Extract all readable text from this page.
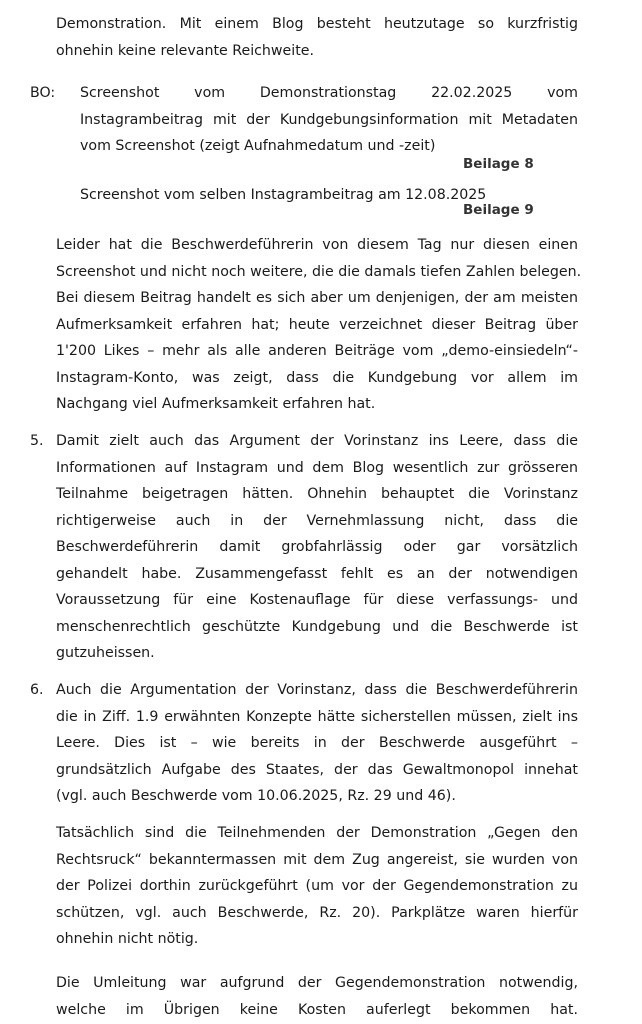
Demonstration. Mit einem Blog besteht heutzutage so kurzfristig
ohnehin keine relevante Reichweite.
BO: Screenshot vom Demonstrationstag 22.02.2025 vom
Instagrambeitrag mit der Kundgebungsinformation mit Metadaten
vom Screenshot (zeigt Aufnahmedatum und -zeit)
Beilage 8
Screenshot vom selben Instagrambeitrag am 12.08.2025
Beilage 9
Leider hat die Beschwerdeführerin von diesem Tag nur diesen einen
Screenshot und nicht noch weitere, die die damals tiefen Zahlen belegen.
Bei diesem Beitrag handelt es sich aber um denjenigen, der am meisten
Aufmerksamkeit erfahren hat; heute verzeichnet dieser Beitrag über
1'200 Likes – mehr als alle anderen Beiträge vom „demo-einsiedeln“-
Instagram-Konto, was zeigt, dass die Kundgebung vor allem im
Nachgang viel Aufmerksamkeit erfahren hat.
5. Damit zielt auch das Argument der Vorinstanz ins Leere, dass die
Informationen auf Instagram und dem Blog wesentlich zur grösseren
Teilnahme beigetragen hätten. Ohnehin behauptet die Vorinstanz
richtigerweise auch in der Vernehmlassung nicht, dass die
Beschwerdeführerin damit grobfahrlässig oder gar vorsätzlich
gehandelt habe. Zusammengefasst fehlt es an der notwendigen
Voraussetzung für eine Kostenauflage für diese verfassungs- und
menschenrechtlich geschützte Kundgebung und die Beschwerde ist
gutzuheissen.
6. Auch die Argumentation der Vorinstanz, dass die Beschwerdeführerin
die in Ziff. 1.9 erwähnten Konzepte hätte sicherstellen müssen, zielt ins
Leere. Dies ist – wie bereits in der Beschwerde ausgeführt –
grundsätzlich Aufgabe des Staates, der das Gewaltmonopol innehat
(vgl. auch Beschwerde vom 10.06.2025, Rz. 29 und 46).
Tatsächlich sind die Teilnehmenden der Demonstration „Gegen den
Rechtsruck“ bekanntermassen mit dem Zug angereist, sie wurden von
der Polizei dorthin zurückgeführt (um vor der Gegendemonstration zu
schützen, vgl. auch Beschwerde, Rz. 20). Parkplätze waren hierfür
ohnehin nicht nötig.
Die Umleitung war aufgrund der Gegendemonstration notwendig,
welche im Übrigen keine Kosten auferlegt bekommen hat.
